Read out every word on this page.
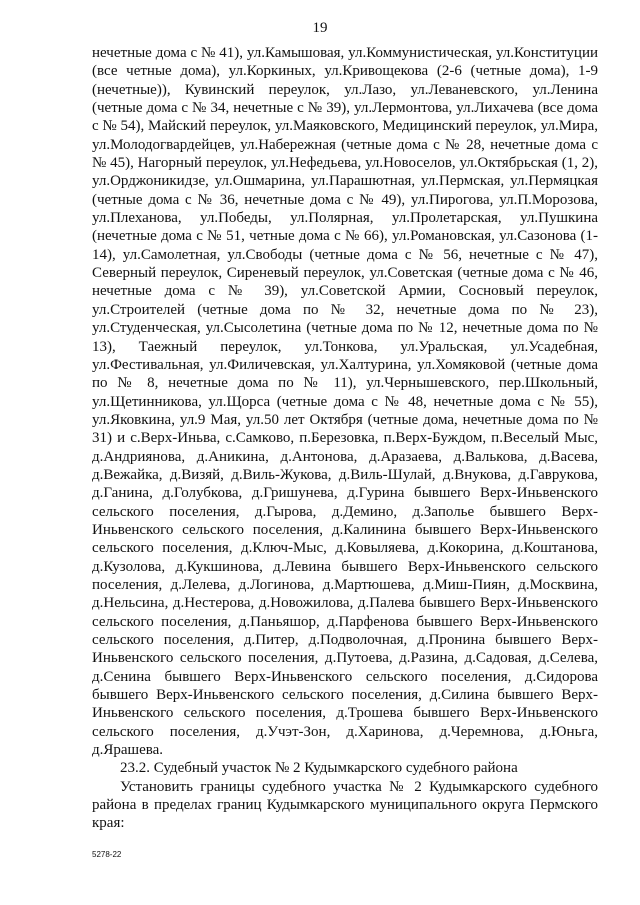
19

нечетные дома с № 41), ул.Камышовая, ул.Коммунистическая, ул.Конституции (все четные дома), ул.Коркиных, ул.Кривощекова (2-6 (четные дома), 1-9 (нечетные)), Кувинский переулок, ул.Лазо, ул.Леваневского, ул.Ленина (четные дома с № 34, нечетные с № 39), ул.Лермонтова, ул.Лихачева (все дома с № 54), Майский переулок, ул.Маяковского, Медицинский переулок, ул.Мира, ул.Молодогвардейцев, ул.Набережная (четные дома с № 28, нечетные дома с № 45), Нагорный переулок, ул.Нефедьева, ул.Новоселов, ул.Октябрьская (1, 2), ул.Орджоникидзе, ул.Ошмарина, ул.Парашютная, ул.Пермская, ул.Пермяцкая (четные дома с № 36, нечетные дома с № 49), ул.Пирогова, ул.П.Морозова, ул.Плеханова, ул.Победы, ул.Полярная, ул.Пролетарская, ул.Пушкина (нечетные дома с № 51, четные дома с № 66), ул.Романовская, ул.Сазонова (1-14), ул.Самолетная, ул.Свободы (четные дома с № 56, нечетные с № 47), Северный переулок, Сиреневый переулок, ул.Советская (четные дома с № 46, нечетные дома с № 39), ул.Советской Армии, Сосновый переулок, ул.Строителей (четные дома по № 32, нечетные дома по № 23), ул.Студенческая, ул.Сысолетина (четные дома по № 12, нечетные дома по № 13), Таежный переулок, ул.Тонкова, ул.Уральская, ул.Усадебная, ул.Фестивальная, ул.Филичевская, ул.Халтурина, ул.Хомяковой (четные дома по № 8, нечетные дома по № 11), ул.Чернышевского, пер.Школьный, ул.Щетинникова, ул.Щорса (четные дома с № 48, нечетные дома с № 55), ул.Яковкина, ул.9 Мая, ул.50 лет Октября (четные дома, нечетные дома по № 31) и с.Верх-Иньва, с.Самково, п.Березовка, п.Верх-Буждом, п.Веселый Мыс, д.Андриянова, д.Аникина, д.Антонова, д.Аразаева, д.Валькова, д.Васева, д.Вежайка, д.Визяй, д.Виль-Жукова, д.Виль-Шулай, д.Внукова, д.Гаврукова, д.Ганина, д.Голубкова, д.Гришунева, д.Гурина бывшего Верх-Иньвенского сельского поселения, д.Гырова, д.Демино, д.Заполье бывшего Верх-Иньвенского сельского поселения, д.Калинина бывшего Верх-Иньвенского сельского поселения, д.Ключ-Мыс, д.Ковыляева, д.Кокорина, д.Коштанова, д.Кузолова, д.Кукшинова, д.Левина бывшего Верх-Иньвенского сельского поселения, д.Лелева, д.Логинова, д.Мартюшева, д.Миш-Пиян, д.Москвина, д.Нельсина, д.Нестерова, д.Новожилова, д.Палева бывшего Верх-Иньвенского сельского поселения, д.Паньяшор, д.Парфенова бывшего Верх-Иньвенского сельского поселения, д.Питер, д.Подволочная, д.Пронина бывшего Верх-Иньвенского сельского поселения, д.Путоева, д.Разина, д.Садовая, д.Селева, д.Сенина бывшего Верх-Иньвенского сельского поселения, д.Сидорова бывшего Верх-Иньвенского сельского поселения, д.Силина бывшего Верх-Иньвенского сельского поселения, д.Трошева бывшего Верх-Иньвенского сельского поселения, д.Учэт-Зон, д.Харинова, д.Черемнова, д.Юньга, д.Ярашева.

23.2. Судебный участок № 2 Кудымкарского судебного района

Установить границы судебного участка № 2 Кудымкарского судебного района в пределах границ Кудымкарского муниципального округа Пермского края:

5278-22
